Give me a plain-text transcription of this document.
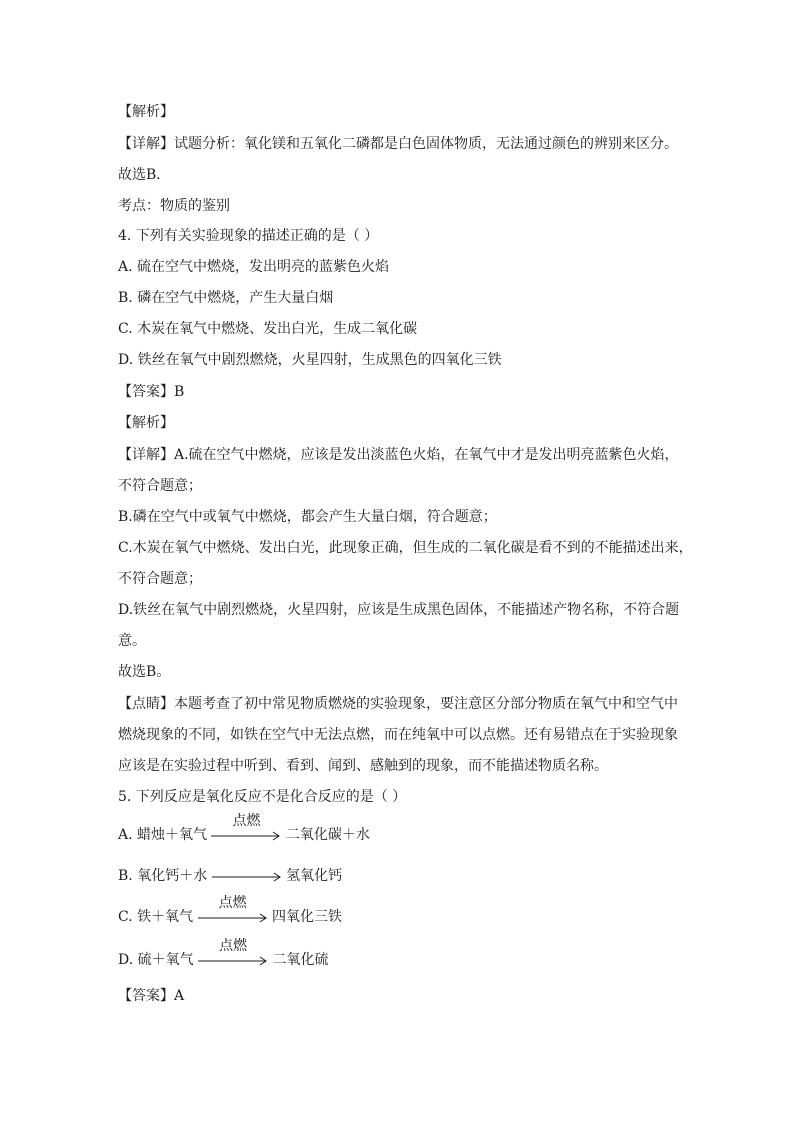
【解析】
【详解】试题分析：氧化镁和五氧化二磷都是白色固体物质，无法通过颜色的辨别来区分。
故选B．
考点：物质的鉴别
4. 下列有关实验现象的描述正确的是（ ）
A. 硫在空气中燃烧，发出明亮的蓝紫色火焰
B. 磷在空气中燃烧，产生大量白烟
C. 木炭在氧气中燃烧、发出白光，生成二氧化碳
D. 铁丝在氧气中剧烈燃烧，火星四射，生成黑色的四氧化三铁
【答案】B
【解析】
【详解】A.硫在空气中燃烧，应该是发出淡蓝色火焰，在氧气中才是发出明亮蓝紫色火焰，
不符合题意；
B.磷在空气中或氧气中燃烧，都会产生大量白烟，符合题意；
C.木炭在氧气中燃烧、发出白光，此现象正确，但生成的二氧化碳是看不到的不能描述出来，
不符合题意；
D.铁丝在氧气中剧烈燃烧，火星四射，应该是生成黑色固体，不能描述产物名称，不符合题
意。
故选B。
【点睛】本题考查了初中常见物质燃烧的实验现象，要注意区分部分物质在氧气中和空气中
燃烧现象的不同，如铁在空气中无法点燃，而在纯氧中可以点燃。还有易错点在于实验现象
应该是在实验过程中听到、看到、闻到、感触到的现象，而不能描述物质名称。
5. 下列反应是氧化反应不是化合反应的是（ ）
A. 蜡烛＋氧气
点燃
二氧化碳＋水
B. 氧化钙＋水	氢氧化钙
C. 铁＋氧气
点燃
四氧化三铁
D. 硫＋氧气
点燃
二氧化硫
【答案】A
